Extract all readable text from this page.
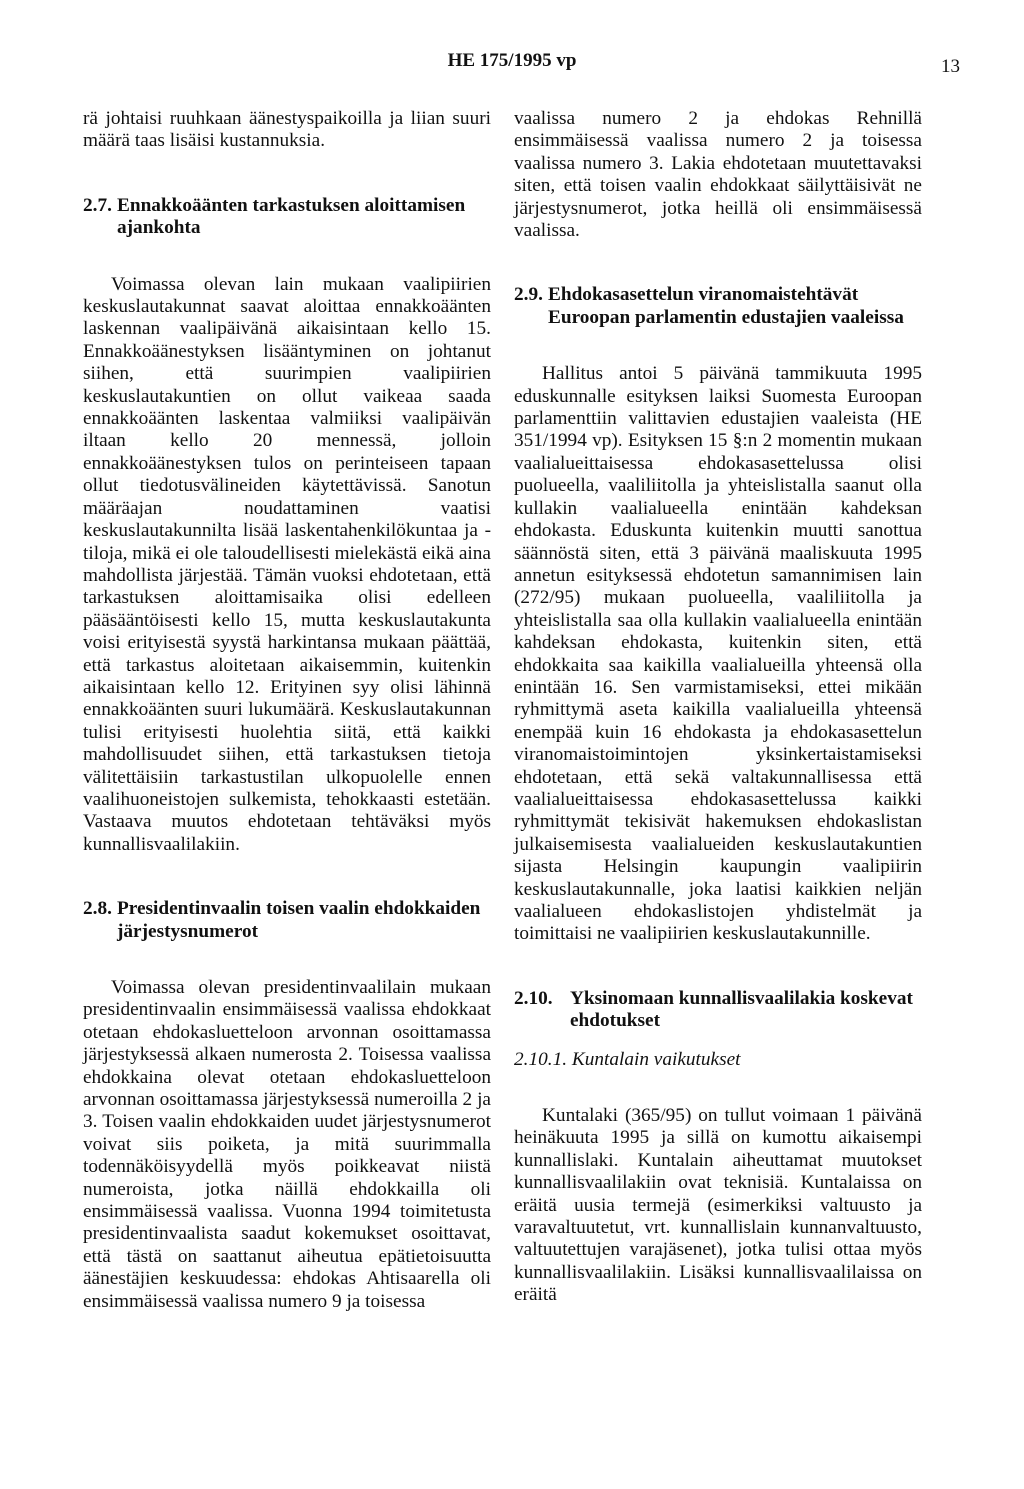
HE 175/1995 vp	13

rä johtaisi ruuhkaan äänestyspaikoilla ja liian suuri määrä taas lisäisi kustannuksia.

2.7. Ennakkoäänten tarkastuksen aloittamisen ajankohta

Voimassa olevan lain mukaan vaalipiirien keskuslautakunnat saavat aloittaa ennakkoäänten laskennan vaalipäivänä aikaisintaan kello 15. Ennakkoäänestyksen lisääntyminen on johtanut siihen, että suurimpien vaalipiirien keskuslautakuntien on ollut vaikeaa saada ennakkoäänten laskentaa valmiiksi vaalipäivän iltaan kello 20 mennessä, jolloin ennakkoäänestyksen tulos on perinteiseen tapaan ollut tiedotusvälineiden käytettävissä. Sanotun määräajan noudattaminen vaatisi keskuslautakunnilta lisää laskentahenkilökuntaa ja -tiloja, mikä ei ole taloudellisesti mielekästä eikä aina mahdollista järjestää. Tämän vuoksi ehdotetaan, että tarkastuksen aloittamisaika olisi edelleen pääsääntöisesti kello 15, mutta keskuslautakunta voisi erityisestä syystä harkintansa mukaan päättää, että tarkastus aloitetaan aikaisemmin, kuitenkin aikaisintaan kello 12. Erityinen syy olisi lähinnä ennakkoäänten suuri lukumäärä. Keskuslautakunnan tulisi erityisesti huolehtia siitä, että kaikki mahdollisuudet siihen, että tarkastuksen tietoja välitettäisiin tarkastustilan ulkopuolelle ennen vaalihuoneistojen sulkemista, tehokkaasti estetään. Vastaava muutos ehdotetaan tehtäväksi myös kunnallisvaalilakiin.

2.8. Presidentinvaalin toisen vaalin ehdokkaiden järjestysnumerot

Voimassa olevan presidentinvaalilain mukaan presidentinvaalin ensimmäisessä vaalissa ehdokkaat otetaan ehdokasluetteloon arvonnan osoittamassa järjestyksessä alkaen numerosta 2. Toisessa vaalissa ehdokkaina olevat otetaan ehdokasluetteloon arvonnan osoittamassa järjestyksessä numeroilla 2 ja 3. Toisen vaalin ehdokkaiden uudet järjestysnumerot voivat siis poiketa, ja mitä suurimmalla todennäköisyydellä myös poikkeavat niistä numeroista, jotka näillä ehdokkailla oli ensimmäisessä vaalissa. Vuonna 1994 toimitetusta presidentinvaalista saadut kokemukset osoittavat, että tästä on saattanut aiheutua epätietoisuutta äänestäjien keskuudessa: ehdokas Ahtisaarella oli ensimmäisessä vaalissa numero 9 ja toisessa

vaalissa numero 2 ja ehdokas Rehnillä ensimmäisessä vaalissa numero 2 ja toisessa vaalissa numero 3. Lakia ehdotetaan muutettavaksi siten, että toisen vaalin ehdokkaat säilyttäisivät ne järjestysnumerot, jotka heillä oli ensimmäisessä vaalissa.

2.9. Ehdokasasettelun viranomaistehtävät Euroopan parlamentin edustajien vaaleissa

Hallitus antoi 5 päivänä tammikuuta 1995 eduskunnalle esityksen laiksi Suomesta Euroopan parlamenttiin valittavien edustajien vaaleista (HE 351/1994 vp). Esityksen 15 §:n 2 momentin mukaan vaalialueittaisessa ehdokasasettelussa olisi puolueella, vaaliliitolla ja yhteislistalla saanut olla kullakin vaalialueella enintään kahdeksan ehdokasta. Eduskunta kuitenkin muutti sanottua säännöstä siten, että 3 päivänä maaliskuuta 1995 annetun esityksessä ehdotetun samannimisen lain (272/95) mukaan puolueella, vaaliliitolla ja yhteislistalla saa olla kullakin vaalialueella enintään kahdeksan ehdokasta, kuitenkin siten, että ehdokkaita saa kaikilla vaalialueilla yhteensä olla enintään 16. Sen varmistamiseksi, ettei mikään ryhmittymä aseta kaikilla vaalialueilla yhteensä enempää kuin 16 ehdokasta ja ehdokasasettelun viranomaistoimintojen yksinkertaistamiseksi ehdotetaan, että sekä valtakunnallisessa että vaalialueittaisessa ehdokasasettelussa kaikki ryhmittymät tekisivät hakemuksen ehdokaslistan julkaisemisesta vaalialueiden keskuslautakuntien sijasta Helsingin kaupungin vaalipiirin keskuslautakunnalle, joka laatisi kaikkien neljän vaalialueen ehdokaslistojen yhdistelmät ja toimittaisi ne vaalipiirien keskuslautakunnille.

2.10. Yksinomaan kunnallisvaalilakia koskevat ehdotukset
2.10.1. Kuntalain vaikutukset

Kuntalaki (365/95) on tullut voimaan 1 päivänä heinäkuuta 1995 ja sillä on kumottu aikaisempi kunnallislaki. Kuntalain aiheuttamat muutokset kunnallisvaalilakiin ovat teknisiä. Kuntalaissa on eräitä uusia termejä (esimerkiksi valtuusto ja varavaltuutetut, vrt. kunnallislain kunnanvaltuusto, valtuutettujen varajäsenet), jotka tulisi ottaa myös kunnallisvaalilakiin. Lisäksi kunnallisvaalilaissa on eräitä
